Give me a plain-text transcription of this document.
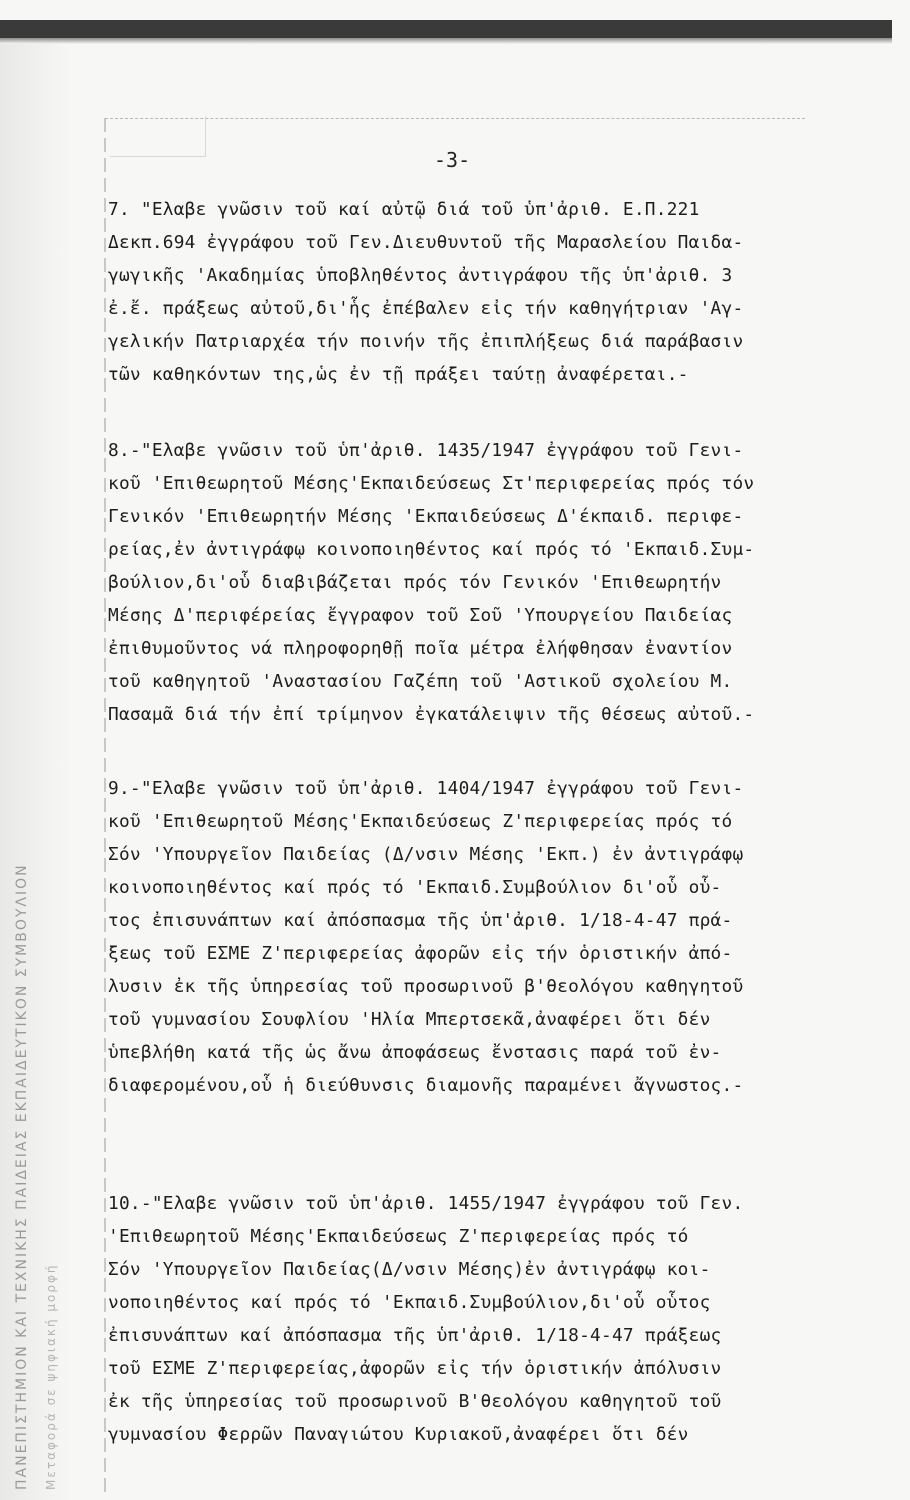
ΠΑΝΕΠΙΣΤΗΜΙΟΝ ΚΑΙ ΤΕΧΝΙΚΗΣ ΠΑΙΔΕΙΑΣ ΕΚΠΑΙΔΕΥΤΙΚΟΝ ΣΥΜΒΟΥΛΙΟΝ	Μεταφορά σε ψηφιακή μορφή
-3-
7. "Ελαβε γνῶσιν τοῦ καί αὐτῷ διά τοῦ ὑπ'ἀριθ. Ε.Π.221
Δεκπ.694 ἐγγράφου τοῦ Γεν.Διευθυντοῦ τῆς Μαρασλείου Παιδα-
γωγικῆς 'Ακαδημίας ὑποβληθέντος ἀντιγράφου τῆς ὑπ'ἀριθ. 3
ἐ.ἔ. πράξεως αὐτοῦ,δι'ἧς ἐπέβαλεν εἰς τήν καθηγήτριαν 'Αγ-
γελικήν Πατριαρχέα τήν ποινήν τῆς ἐπιπλήξεως διά παράβασιν
τῶν καθηκόντων της,ὡς ἐν τῇ πράξει ταύτῃ ἀναφέρεται.-
8.-"Ελαβε γνῶσιν τοῦ ὑπ'ἀριθ. 1435/1947 ἐγγράφου τοῦ Γενι-
κοῦ 'Επιθεωρητοῦ Μέσης'Εκπαιδεύσεως Στ'περιφερείας πρός τόν
Γενικόν 'Επιθεωρητήν Μέσης 'Εκπαιδεύσεως Δ'έκπαιδ. περιφε-
ρείας,ἐν ἀντιγράφῳ κοινοποιηθέντος καί πρός τό 'Εκπαιδ.Συμ-
βούλιον,δι'οὗ διαβιβάζεται πρός τόν Γενικόν 'Επιθεωρητήν
Μέσης Δ'περιφέρείας ἔγγραφον τοῦ Σοῦ 'Υπουργείου Παιδείας
ἐπιθυμοῦντος νά πληροφορηθῇ ποῖα μέτρα ἐλήφθησαν ἐναντίον
τοῦ καθηγητοῦ 'Αναστασίου Γαζέπη τοῦ 'Αστικοῦ σχολείου Μ.
Πασαμᾶ διά τήν ἐπί τρίμηνον ἐγκατάλειψιν τῆς θέσεως αὐτοῦ.-
9.-"Ελαβε γνῶσιν τοῦ ὑπ'ἀριθ. 1404/1947 ἐγγράφου τοῦ Γενι-
κοῦ 'Επιθεωρητοῦ Μέσης'Εκπαιδεύσεως Ζ'περιφερείας πρός τό
Σόν 'Υπουργεῖον Παιδείας (Δ/νσιν Μέσης 'Εκπ.) ἐν ἀντιγράφῳ
κοινοποιηθέντος καί πρός τό 'Εκπαιδ.Συμβούλιον δι'οὗ οὗ-
τος ἐπισυνάπτων καί ἀπόσπασμα τῆς ὑπ'ἀριθ. 1/18-4-47 πρά-
ξεως τοῦ ΕΣΜΕ Ζ'περιφερείας ἀφορῶν εἰς τήν ὁριστικήν ἀπό-
λυσιν ἐκ τῆς ὑπηρεσίας τοῦ προσωρινοῦ β'θεολόγου καθηγητοῦ
τοῦ γυμνασίου Σουφλίου 'Ηλία Μπερτσεκᾶ,ἀναφέρει ὅτι δέν
ὑπεβλήθη κατά τῆς ὡς ἄνω ἀποφάσεως ἔνστασις παρά τοῦ ἐν-
διαφερομένου,οὗ ἡ διεύθυνσις διαμονῆς παραμένει ἄγνωστος.-
10.-"Ελαβε γνῶσιν τοῦ ὑπ'ἀριθ. 1455/1947 ἐγγράφου τοῦ Γεν.
'Επιθεωρητοῦ Μέσης'Εκπαιδεύσεως Ζ'περιφερείας πρός τό
Σόν 'Υπουργεῖον Παιδείας(Δ/νσιν Μέσης)ἐν ἀντιγράφῳ κοι-
νοποιηθέντος καί πρός τό 'Εκπαιδ.Συμβούλιον,δι'οὗ οὗτος
ἐπισυνάπτων καί ἀπόσπασμα τῆς ὑπ'ἀριθ. 1/18-4-47 πράξεως
τοῦ ΕΣΜΕ Ζ'περιφερείας,ἀφορῶν εἰς τήν ὁριστικήν ἀπόλυσιν
ἐκ τῆς ὑπηρεσίας τοῦ προσωρινοῦ Β'θεολόγου καθηγητοῦ τοῦ
γυμνασίου Φερρῶν Παναγιώτου Κυριακοῦ,ἀναφέρει ὅτι δέν
